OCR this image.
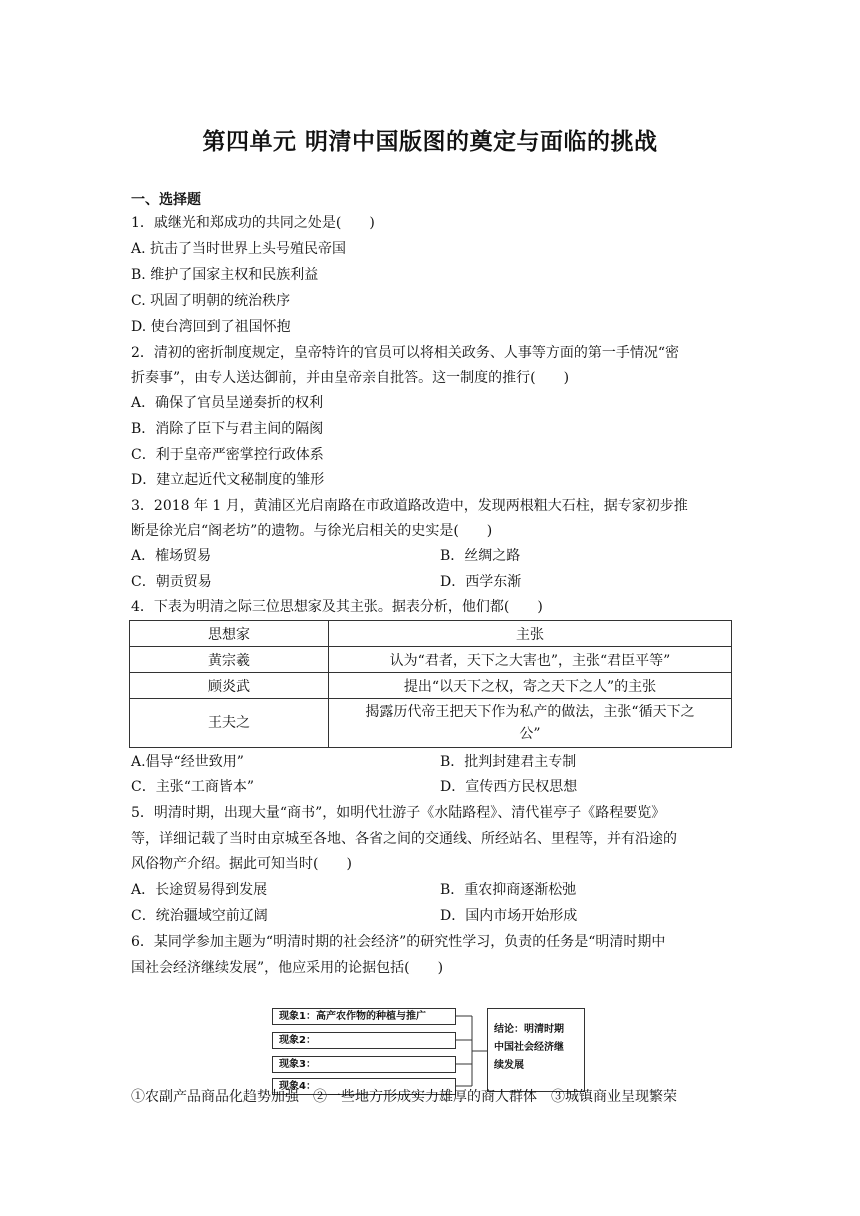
第四单元 明清中国版图的奠定与面临的挑战
一、选择题
1．戚继光和郑成功的共同之处是(　　)
A. 抗击了当时世界上头号殖民帝国
B. 维护了国家主权和民族利益
C. 巩固了明朝的统治秩序
D. 使台湾回到了祖国怀抱
2．清初的密折制度规定，皇帝特许的官员可以将相关政务、人事等方面的第一手情况“密
折奏事”，由专人送达御前，并由皇帝亲自批答。这一制度的推行(　　)
A．确保了官员呈递奏折的权利
B．消除了臣下与君主间的隔阂
C．利于皇帝严密掌控行政体系
D．建立起近代文秘制度的雏形
3．2018 年 1 月，黄浦区光启南路在市政道路改造中，发现两根粗大石柱，据专家初步推
断是徐光启“阁老坊”的遗物。与徐光启相关的史实是(　　)
A．榷场贸易	B．丝绸之路
C．朝贡贸易	D．西学东渐
4．下表为明清之际三位思想家及其主张。据表分析，他们都(　　)
思想家	主张
黄宗羲	认为“君者，天下之大害也”，主张“君臣平等”
顾炎武	提出“以天下之权，寄之天下之人”的主张
王夫之	揭露历代帝王把天下作为私产的做法，主张“循天下之
公”
A.倡导“经世致用”	B．批判封建君主专制
C．主张“工商皆本”	D．宣传西方民权思想
5．明清时期，出现大量“商书”，如明代壮游子《水陆路程》、清代崔亭子《路程要览》
等，详细记载了当时由京城至各地、各省之间的交通线、所经站名、里程等，并有沿途的
风俗物产介绍。据此可知当时(　　)
A．长途贸易得到发展	B．重农抑商逐渐松弛
C．统治疆域空前辽阔	D．国内市场开始形成
6．某同学参加主题为“明清时期的社会经济”的研究性学习，负责的任务是“明清时期中
国社会经济继续发展”，他应采用的论据包括(　　)
现象1：高产农作物的种植与推广
现象2：
现象3：
现象4：
结论：明清时期
中国社会经济继
续发展
①农副产品商品化趋势加强　②一些地方形成实力雄厚的商人群体　③城镇商业呈现繁荣
